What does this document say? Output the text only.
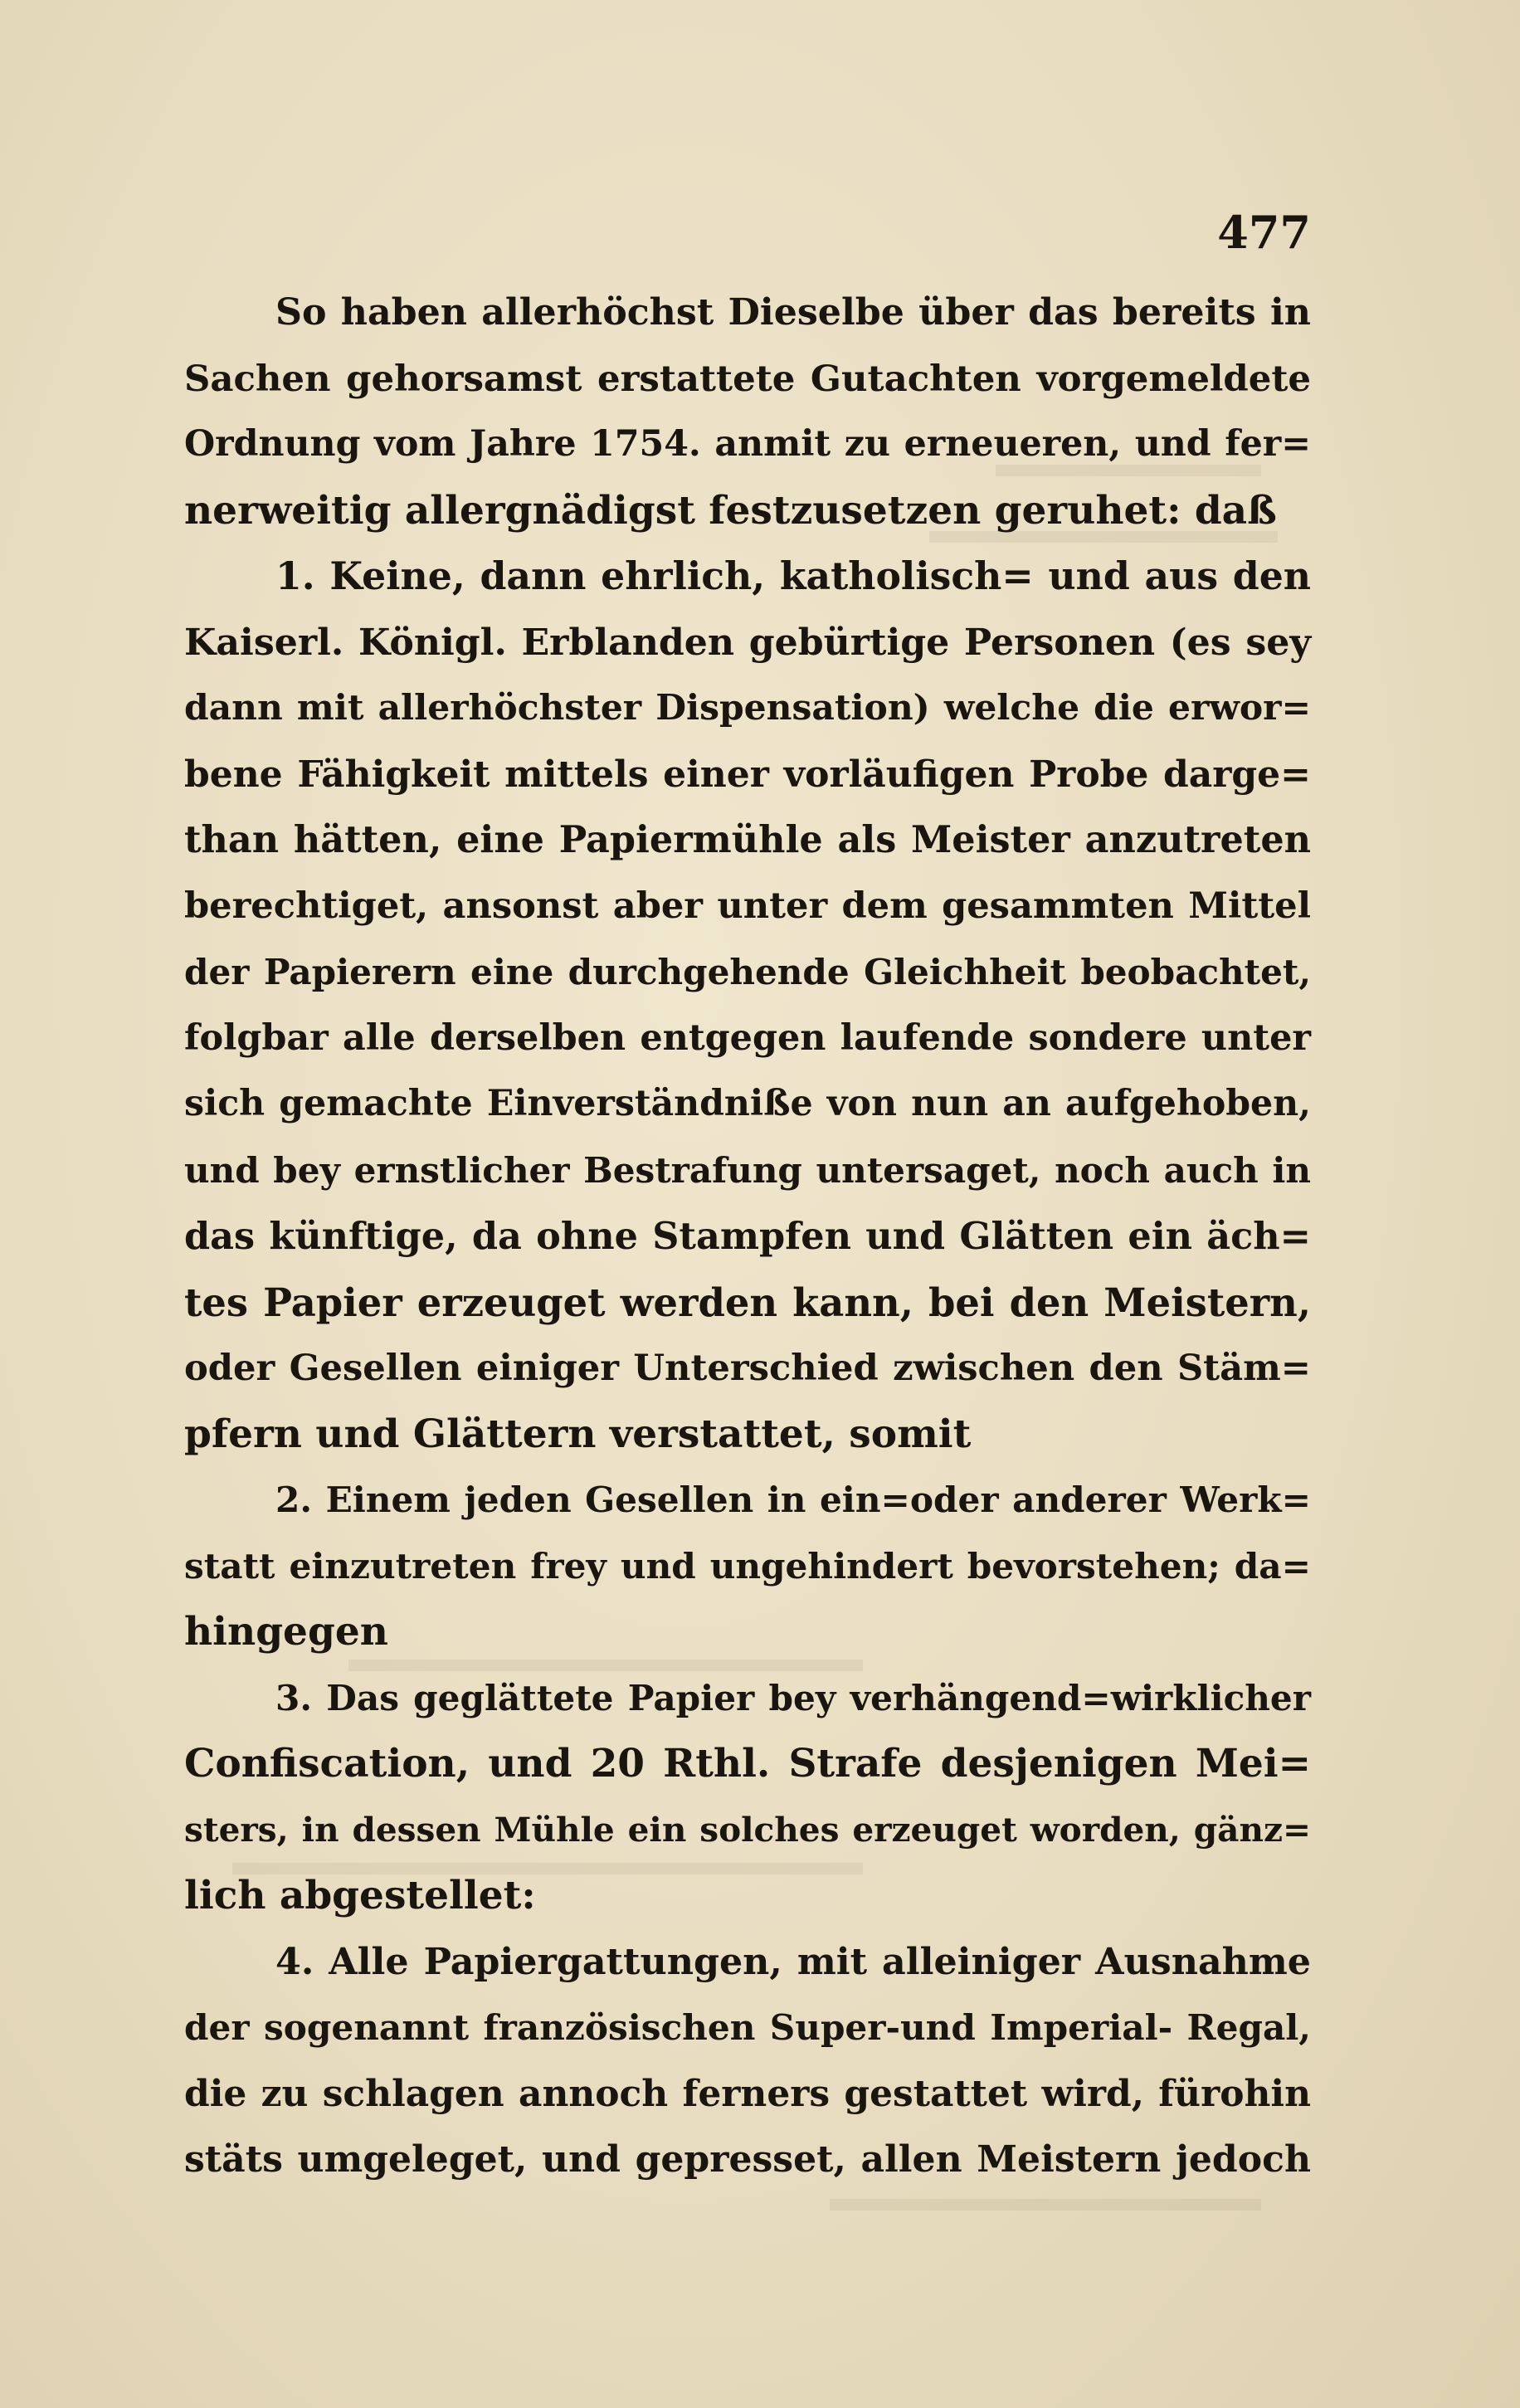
477
So haben allerhöchst Dieselbe über das bereits in
Sachen gehorsamst erstattete Gutachten vorgemeldete
Ordnung vom Jahre 1754. anmit zu erneueren, und fer=
nerweitig allergnädigst festzusetzen geruhet: daß
1. Keine, dann ehrlich, katholisch= und aus den
Kaiserl. Königl. Erblanden gebürtige Personen (es sey
dann mit allerhöchster Dispensation) welche die erwor=
bene Fähigkeit mittels einer vorläufigen Probe darge=
than hätten, eine Papiermühle als Meister anzutreten
berechtiget, ansonst aber unter dem gesammten Mittel
der Papierern eine durchgehende Gleichheit beobachtet,
folgbar alle derselben entgegen laufende sondere unter
sich gemachte Einverständniße von nun an aufgehoben,
und bey ernstlicher Bestrafung untersaget, noch auch in
das künftige, da ohne Stampfen und Glätten ein äch=
tes Papier erzeuget werden kann, bei den Meistern,
oder Gesellen einiger Unterschied zwischen den Stäm=
pfern und Glättern verstattet, somit
2. Einem jeden Gesellen in ein=oder anderer Werk=
statt einzutreten frey und ungehindert bevorstehen; da=
hingegen
3. Das geglättete Papier bey verhängend=wirklicher
Confiscation, und 20 Rthl. Strafe desjenigen Mei=
sters, in dessen Mühle ein solches erzeuget worden, gänz=
lich abgestellet:
4. Alle Papiergattungen, mit alleiniger Ausnahme
der sogenannt französischen Super-und Imperial- Regal,
die zu schlagen annoch ferners gestattet wird, fürohin
stäts umgeleget, und gepresset, allen Meistern jedoch
